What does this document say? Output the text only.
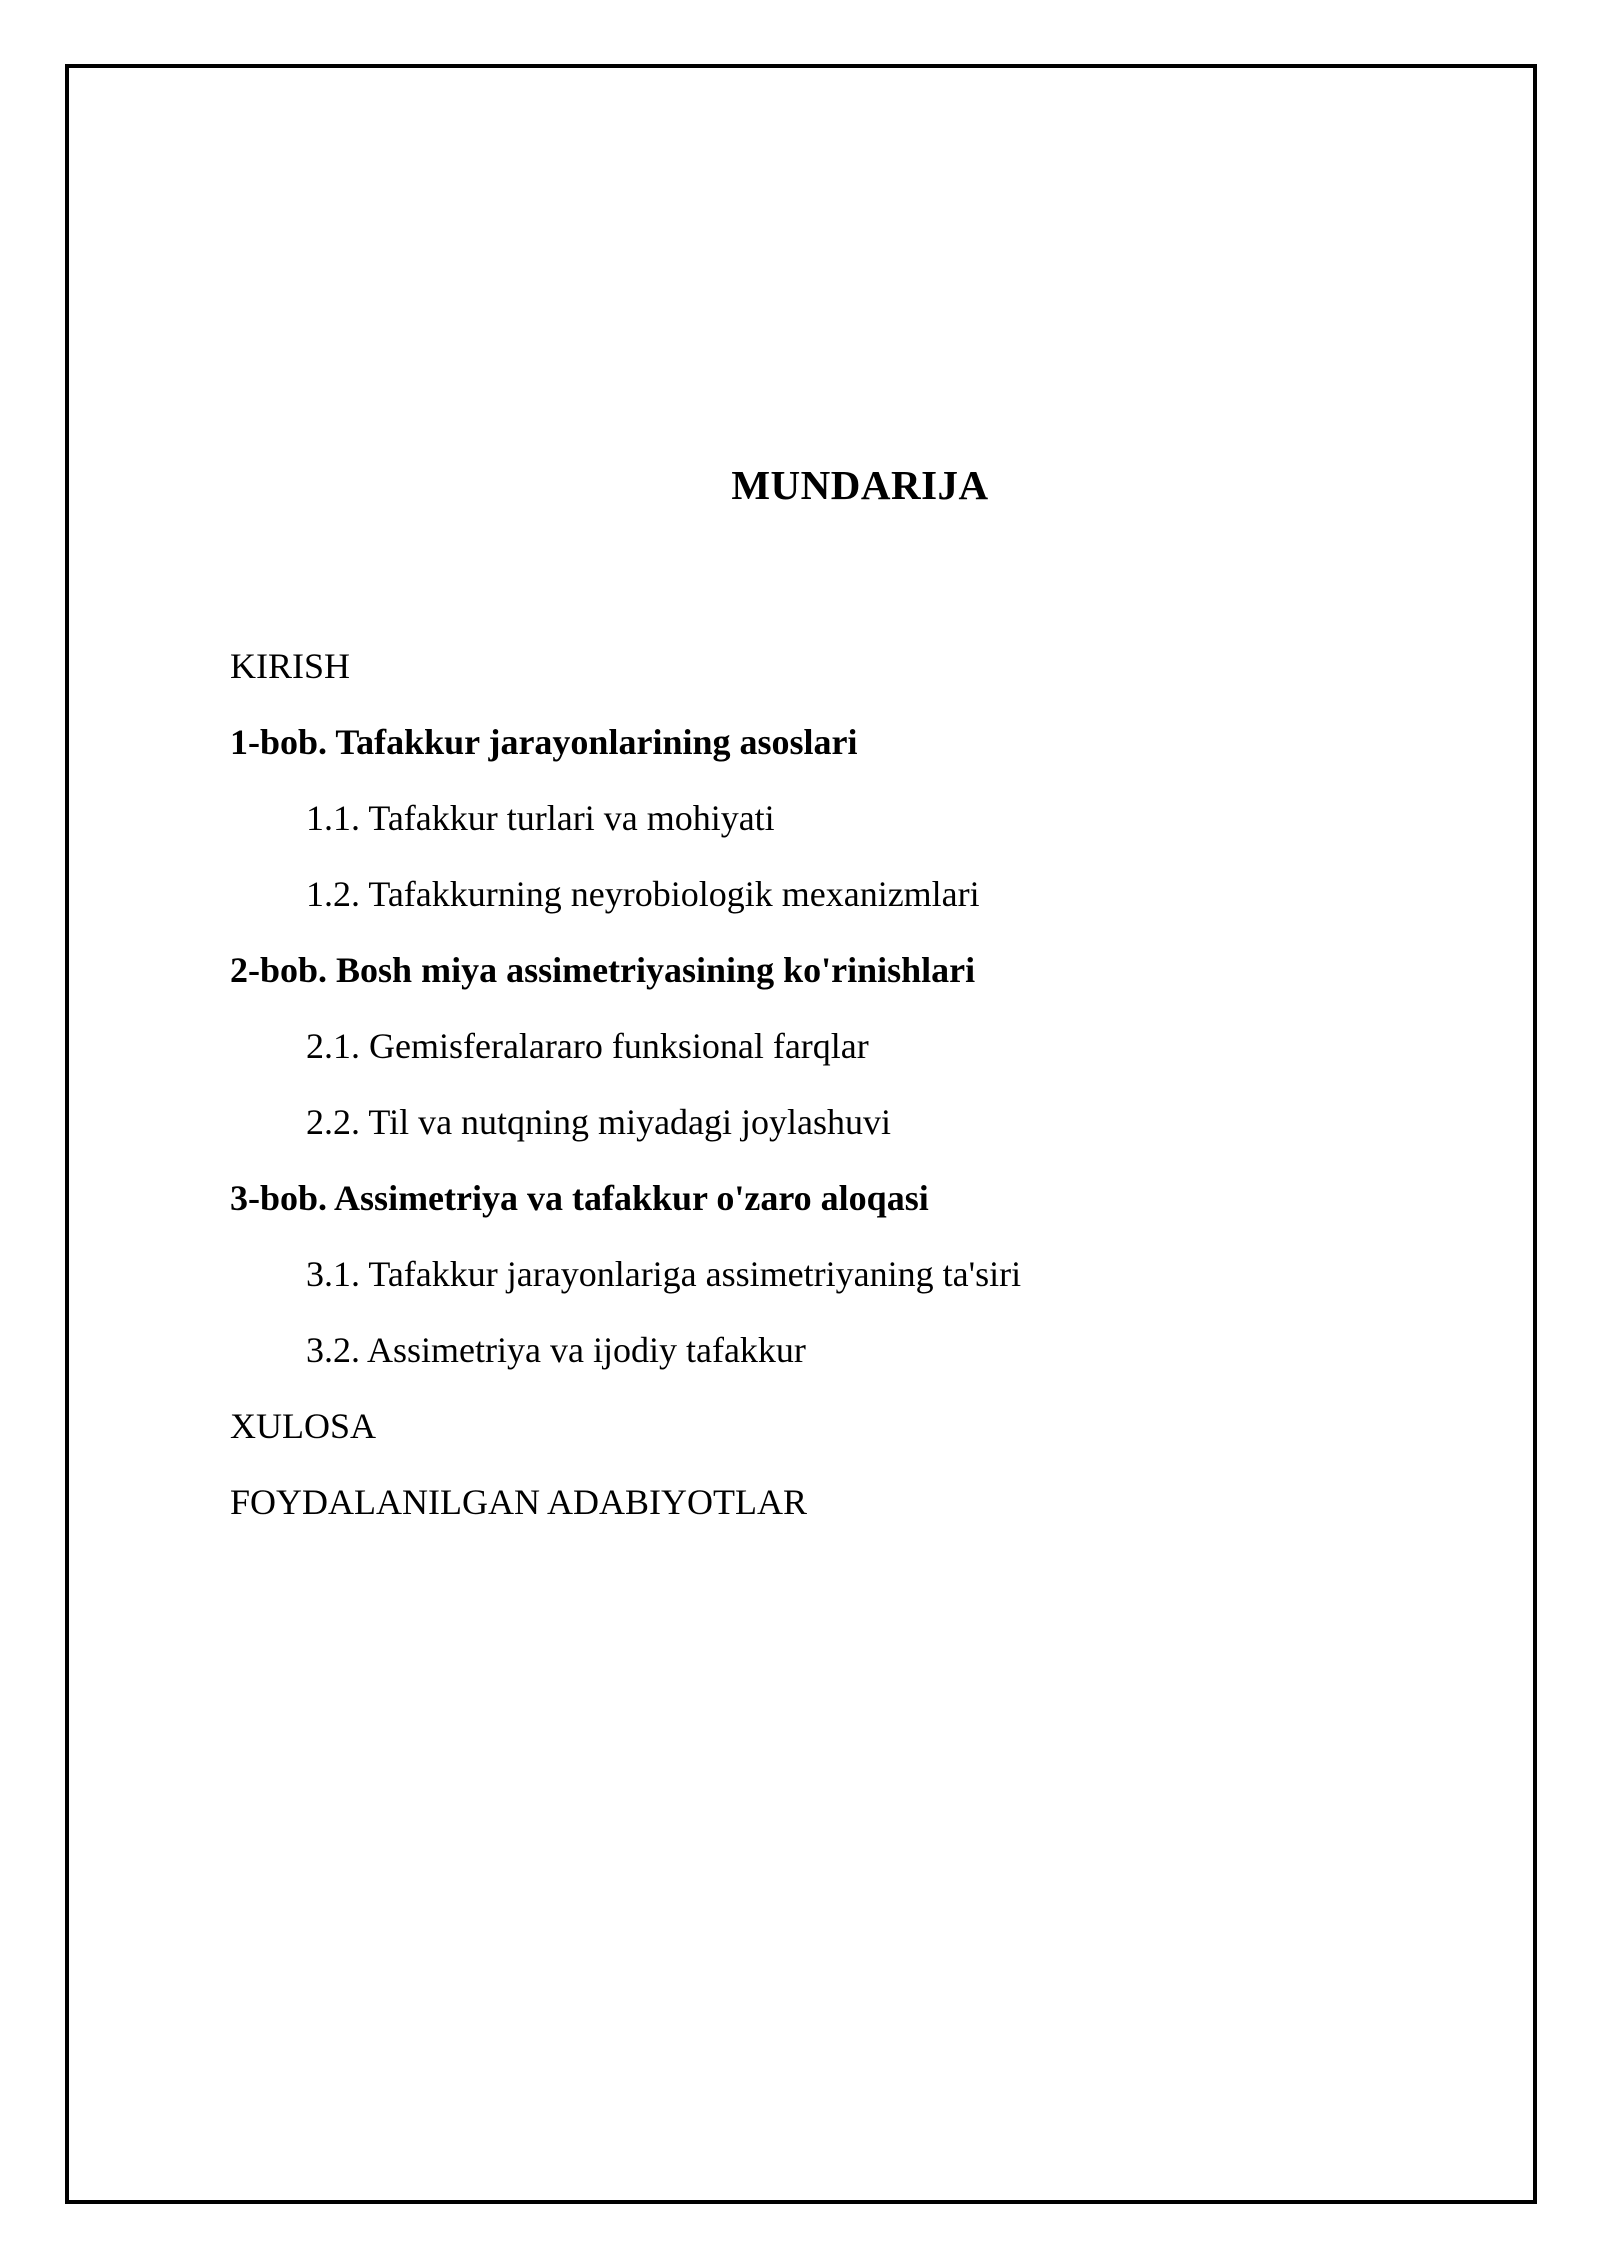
MUNDARIJA
KIRISH
1-bob. Tafakkur jarayonlarining asoslari
1.1. Tafakkur turlari va mohiyati
1.2. Tafakkurning neyrobiologik mexanizmlari
2-bob. Bosh miya assimetriyasining ko'rinishlari
2.1. Gemisferalararo funksional farqlar
2.2. Til va nutqning miyadagi joylashuvi
3-bob. Assimetriya va tafakkur o'zaro aloqasi
3.1. Tafakkur jarayonlariga assimetriyaning ta'siri
3.2. Assimetriya va ijodiy tafakkur
XULOSA
FOYDALANILGAN ADABIYOTLAR
